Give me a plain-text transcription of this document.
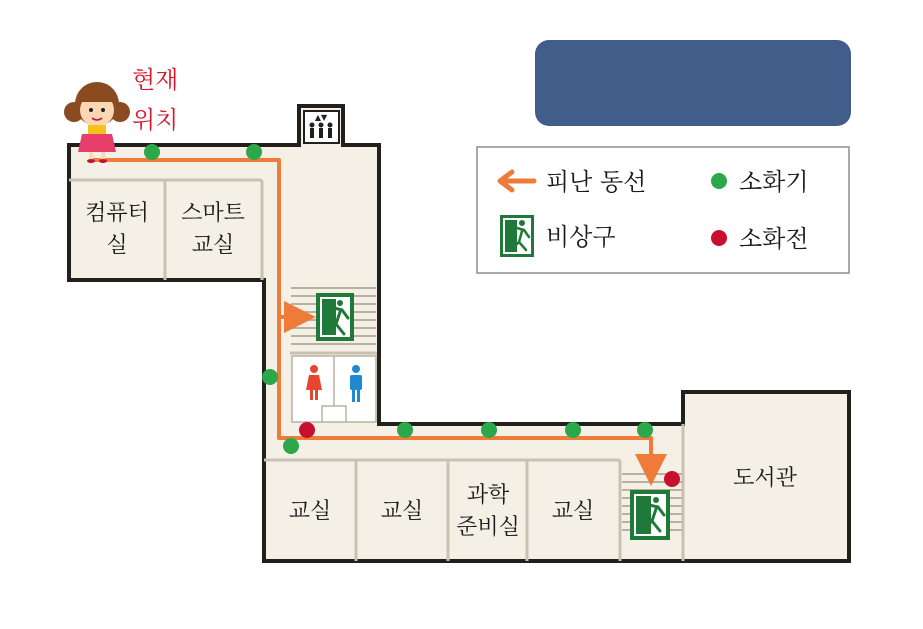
▲▼
컴퓨터
실
스마트
교실
교실 교실
과학
준비실
교실
도서관
현재
위치
피난 동선
비상구
소화기
소화전
